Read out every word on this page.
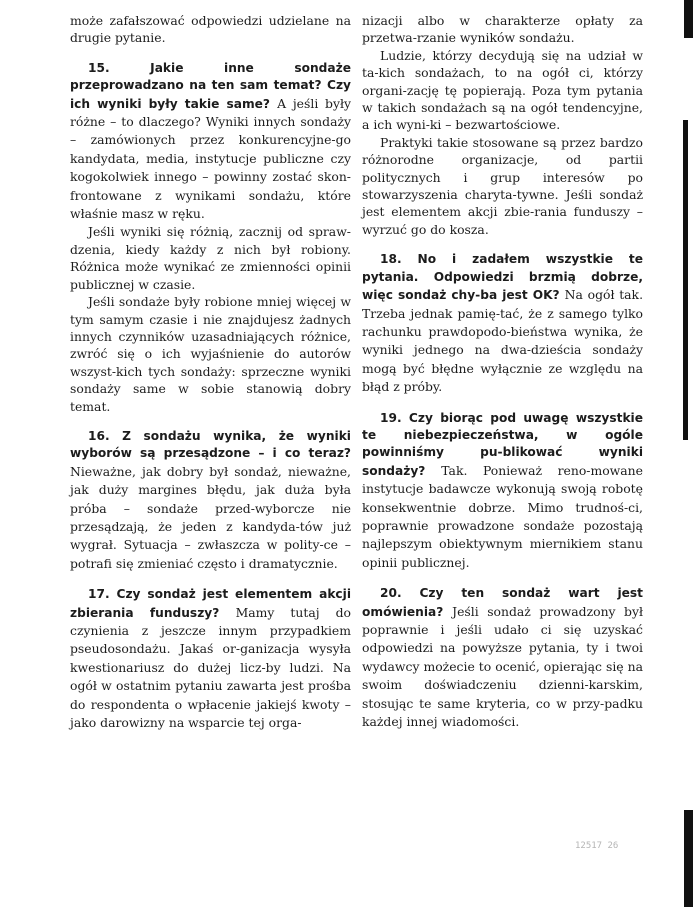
może zafałszować odpowiedzi udzielane na drugie pytanie.

15.	Jakie inne sondaże przeprowadzano na ten sam temat? Czy ich wyniki były takie same? A jeśli były różne – to dlaczego? Wyniki innych sondaży – zamówionych przez konkurencyjne-go kandydata, media, instytucje publiczne czy kogokolwiek innego – powinny zostać skon-frontowane z wynikami sondażu, które właśnie masz w ręku.

Jeśli wyniki się różnią, zacznij od spraw-dzenia, kiedy każdy z nich był robiony. Różnica może wynikać ze zmienności opinii publicznej w czasie.

Jeśli sondaże były robione mniej więcej w tym samym czasie i nie znajdujesz żadnych innych czynników uzasadniających różnice, zwróć się o ich wyjaśnienie do autorów wszyst-kich tych sondaży: sprzeczne wyniki sondaży same w sobie stanowią dobry temat.

16. Z sondażu wynika, że wyniki wyborów są przesądzone – i co teraz? Nieważne, jak dobry był sondaż, nieważne, jak duży margines błędu, jak duża była próba – sondaże przed-wyborcze nie przesądzają, że jeden z kandyda-tów już wygrał. Sytuacja – zwłaszcza w polity-ce – potrafi się zmieniać często i dramatycznie.

17. Czy sondaż jest elementem akcji zbierania funduszy? Mamy tutaj do czynienia z jeszcze innym przypadkiem pseudosondażu. Jakaś or-ganizacja wysyła kwestionariusz do dużej licz-by ludzi. Na ogół w ostatnim pytaniu zawarta jest prośba do respondenta o wpłacenie jakiejś kwoty – jako darowizny na wsparcie tej orga-

nizacji albo w charakterze opłaty za przetwa-rzanie wyników sondażu.

Ludzie, którzy decydują się na udział w ta-kich sondażach, to na ogół ci, którzy organi-zację tę popierają. Poza tym pytania w takich sondażach są na ogół tendencyjne, a ich wyni-ki – bezwartościowe.

Praktyki takie stosowane są przez bardzo różnorodne organizacje, od partii politycznych i grup interesów po stowarzyszenia charyta-tywne. Jeśli sondaż jest elementem akcji zbie-rania funduszy – wyrzuć go do kosza.

18. No i zadałem wszystkie te pytania. Odpowiedzi brzmią dobrze, więc sondaż chy-ba jest OK? Na ogół tak. Trzeba jednak pamię-tać, że z samego tylko rachunku prawdopodo-bieństwa wynika, że wyniki jednego na dwa-dzieścia sondaży mogą być błędne wyłącznie ze względu na błąd z próby.

19. Czy biorąc pod uwagę wszystkie te niebezpieczeństwa, w ogóle powinniśmy pu-blikować wyniki sondaży? Tak. Ponieważ reno-mowane instytucje badawcze wykonują swoją robotę konsekwentnie dobrze. Mimo trudnoś-ci, poprawnie prowadzone sondaże pozostają najlepszym obiektywnym miernikiem stanu opinii publicznej.

20. Czy ten sondaż wart jest omówienia? Jeśli sondaż prowadzony był poprawnie i jeśli udało ci się uzyskać odpowiedzi na powyższe pytania, ty i twoi wydawcy możecie to ocenić, opierając się na swoim doświadczeniu dzienni-karskim, stosując te same kryteria, co w przy-padku każdej innej wiadomości.

12517 26
